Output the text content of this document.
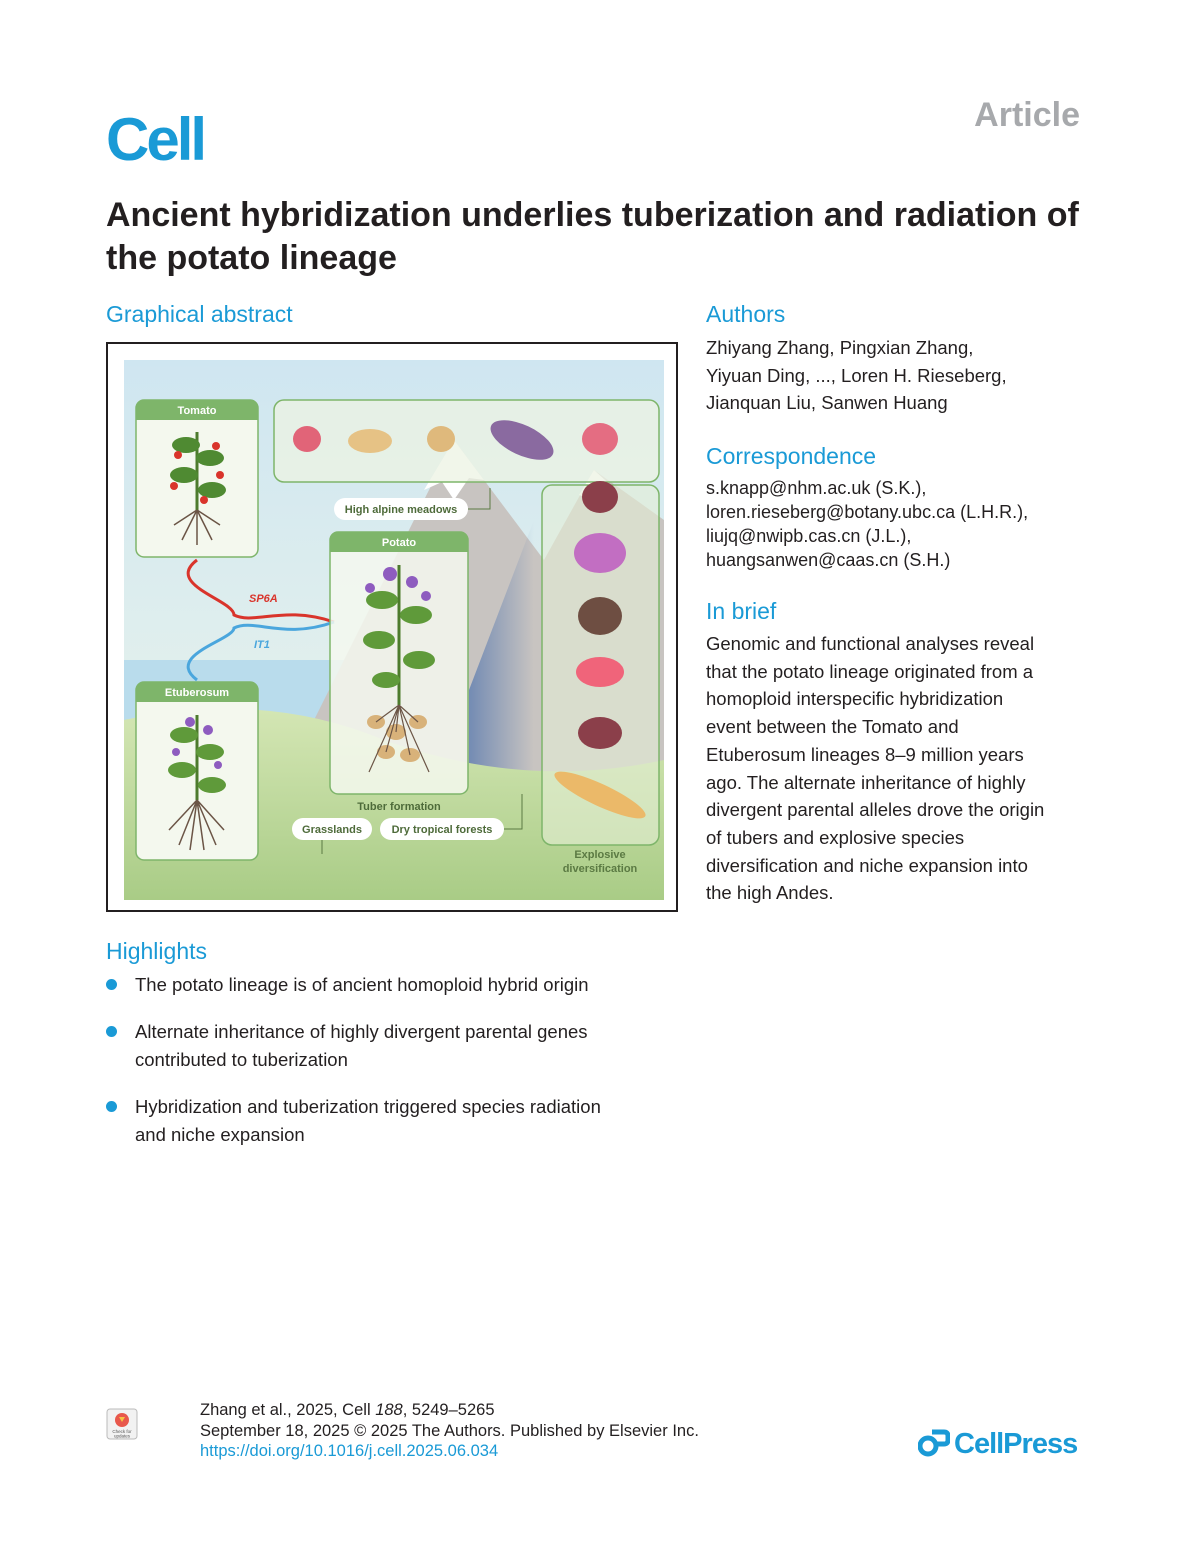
Cell	Article
Ancient hybridization underlies tuberization and radiation of the potato lineage
Graphical abstract
Explosive
diversification
Tomato
Etuberosum
SP6A
IT1
High alpine meadows
Potato
Tuber formation
Grasslands	Dry tropical forests
Authors
Zhiyang Zhang, Pingxian Zhang,
Yiyuan Ding, ..., Loren H. Rieseberg,
Jianquan Liu, Sanwen Huang
Correspondence
s.knapp@nhm.ac.uk (S.K.),
loren.rieseberg@botany.ubc.ca (L.H.R.),
liujq@nwipb.cas.cn (J.L.),
huangsanwen@caas.cn (S.H.)
In brief
Genomic and functional analyses reveal
that the potato lineage originated from a
homoploid interspecific hybridization
event between the Tomato and
Etuberosum lineages 8–9 million years
ago. The alternate inheritance of highly
divergent parental alleles drove the origin
of tubers and explosive species
diversification and niche expansion into
the high Andes.
Highlights
The potato lineage is of ancient homoploid hybrid origin
Alternate inheritance of highly divergent parental genes
contributed to tuberization
Hybridization and tuberization triggered species radiation
and niche expansion
Check for
updates
Zhang et al., 2025, Cell 188, 5249–5265
September 18, 2025 © 2025 The Authors. Published by Elsevier Inc.
https://doi.org/10.1016/j.cell.2025.06.034	CellPress
